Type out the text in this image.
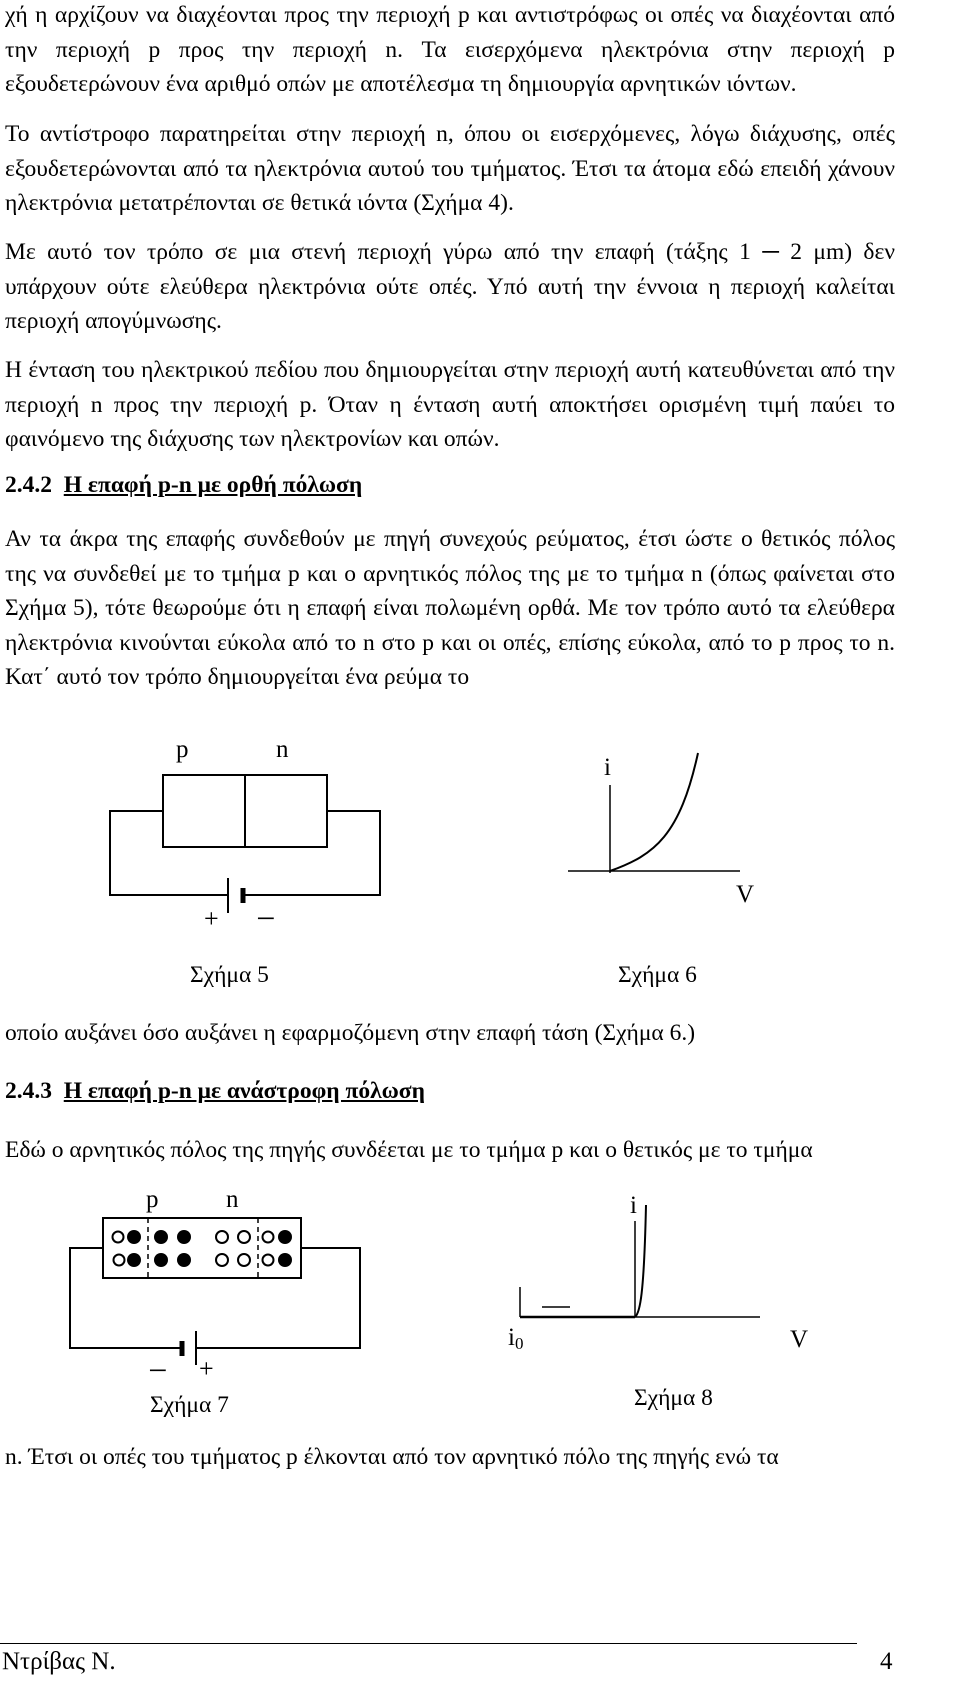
χή η αρχίζουν να διαχέονται προς την περιοχή p και αντιστρόφως οι οπές να διαχέονται από την περιοχή p προς την περιοχή n. Τα εισερχόμενα ηλεκτρόνια στην περιοχή p εξουδετερώνουν ένα αριθμό οπών με αποτέλεσμα τη δημιουργία αρνητικών ιόντων.

Το αντίστροφο παρατηρείται στην περιοχή n, όπου οι εισερχόμενες, λόγω διάχυσης, οπές εξουδετερώνονται από τα ηλεκτρόνια αυτού του τμήματος. Έτσι τα άτομα εδώ επειδή χάνουν ηλεκτρόνια μετατρέπονται σε θετικά ιόντα (Σχήμα 4).

Με αυτό τον τρόπο σε μια στενή περιοχή γύρω από την επαφή (τάξης 1 ─ 2 μm) δεν υπάρχουν ούτε ελεύθερα ηλεκτρόνια ούτε οπές. Υπό αυτή την έννοια η περιοχή καλείται περιοχή απογύμνωσης.

Η ένταση του ηλεκτρικού πεδίου που δημιουργείται στην περιοχή αυτή κατευθύνεται από την περιοχή n προς την περιοχή p. Όταν η ένταση αυτή αποκτήσει ορισμένη τιμή παύει το φαινόμενο της διάχυσης των ηλεκτρονίων και οπών.

2.4.2 Η επαφή p-n με ορθή πόλωση

Αν τα άκρα της επαφής συνδεθούν με πηγή συνεχούς ρεύματος, έτσι ώστε ο θετικός πόλος της να συνδεθεί με το τμήμα p και ο αρνητικός πόλος της με το τμήμα n (όπως φαίνεται στο Σχήμα 5), τότε θεωρούμε ότι η επαφή είναι πολωμένη ορθά. Με τον τρόπο αυτό τα ελεύθερα ηλεκτρόνια κινούνται εύκολα από το n στο p και οι οπές, επίσης εύκολα, από το p προς το n. Κατ΄ αυτό τον τρόπο δημιουργείται ένα ρεύμα το

p	n
+ ─
Σχήμα 5
i
V
Σχήμα 6

οποίο αυξάνει όσο αυξάνει η εφαρμοζόμενη στην επαφή τάση (Σχήμα 6.)

2.4.3 Η επαφή p-n με ανάστροφη πόλωση

Εδώ ο αρνητικός πόλος της πηγής συνδέεται με το τμήμα p και ο θετικός με το τμήμα

p	n
─ +
Σχήμα 7
i
i0	V
Σχήμα 8

n. Έτσι οι οπές του τμήματος p έλκονται από τον αρνητικό πόλο της πηγής ενώ τα

Ντρίβας Ν.	4
